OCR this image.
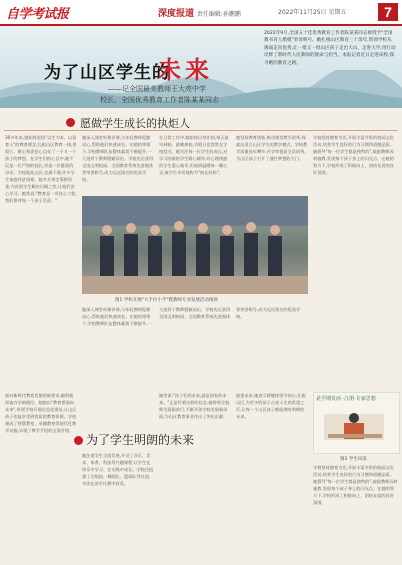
自学考试报	深度报道 责任编辑:孙鹏鹏	2022年11月25日 星期五	7
为了山区学生的
未来
——记全国最美教师王大亮中学
校长、全国优秀教育工作者陈某某同志
2022年9月,全国五十佳优秀教育工作者陈某某同志被授予"全国教书育人楷模"荣誉称号。她扎根山区教育三十余年,带领学校从薄弱走向优秀,让一批又一批山区孩子走出大山、走进大学,用行动诠释了新时代人民教师的使命与担当。本报记者近日走进该校,探寻她的教育之路。
愿做学生成长的执炬人
30多年来,她始终坚持"以生为本、以爱育人"的教育理念,扎根山区教育一线,用爱心、耐心和责任心点亮了一个又一个孩子的梦想。在学生们的心目中,她不仅是一位严格的校长,更是一位慈爱的母亲。学校地处山区,交通不便,许多学生家庭经济困难。她多方奔走筹措资金,为贫困学生解决后顾之忧,让他们安心学习。她常说:"教育是一项良心工程,我们要对每一个孩子负责。"
她深入课堂听课评课,与年轻教师促膝谈心,帮助他们快速成长。在她的带领下,学校教师队伍整体素质不断提升,一大批骨干教师脱颖而出。学校先后获得全国文明校园、全国教育系统先进集体等荣誉称号,成为远近闻名的优质学校。
在日常工作中,她始终以身作则,每天最早到校、最晚离校,节假日也常常在学校度过。她关注每一位学生的成长,对学习困难的学生耐心辅导,对心理困惑的学生悉心疏导,用真情温暖每一颗心灵,被学生亲切地称为"校长妈妈"。
她坚持教育创新,推动课堂教学改革,探索出适合山区学生的教学模式。学校教学质量连年攀升,升学率稳居全县前列,为山区孩子打开了通往梦想的大门。
学校坚持德育为先,开展丰富多彩的校园文化活动,培养学生良好的行为习惯和道德品质。她倡导"每一位学生都是独特的",鼓励教师因材施教,发现每个孩子身上的闪光点。在她的努力下,学校形成了积极向上、团结友爱的良好氛围。
图1 学校开展"大手拉小手"暨教师专业发展活动现场
她深入课堂听课评课,与年轻教师促膝谈心,帮助他们快速成长。在她的带领下,学校教师队伍整体素质不断提升,一大批骨干教师脱颖而出。学校先后获得全国文明校园、全国教育系统先进集体等荣誉称号,成为远近闻名的优质学校。
为了学生明朗的未来
面对新时代教育发展的新要求,她积极探索办学新路径。她提出"教育要面向未来",带领学校开展信息化建设,让山区孩子也能享受到优质的教育资源。学校建成了智慧教室、录播教室等现代化教学设施,实现了教学手段的全面升级。
她注重学生全面发展,开设了音乐、美术、体育、科技等兴趣课程,让学生在快乐中学习、在实践中成长。学校还组建了合唱团、舞蹈队、篮球队等社团,多次在省市比赛中获奖。
她常说:"孩子们的未来,就是国家的未来。"正是怀着这样的信念,她带领全校师生砥砺前行,不断开创学校发展新局面,为山区教育事业作出了突出贡献。
展望未来,她表示将继续坚守初心,扎根山区,为更多的孩子点亮人生的希望之灯,让每一个山区孩子都能拥有明朗的未来。
是学期发而 ·注册·专家思想
图2 学生风采
学校坚持德育为先,开展丰富多彩的校园文化活动,培养学生良好的行为习惯和道德品质。她倡导"每一位学生都是独特的",鼓励教师因材施教,发现每个孩子身上的闪光点。在她的努力下,学校形成了积极向上、团结友爱的良好氛围。
